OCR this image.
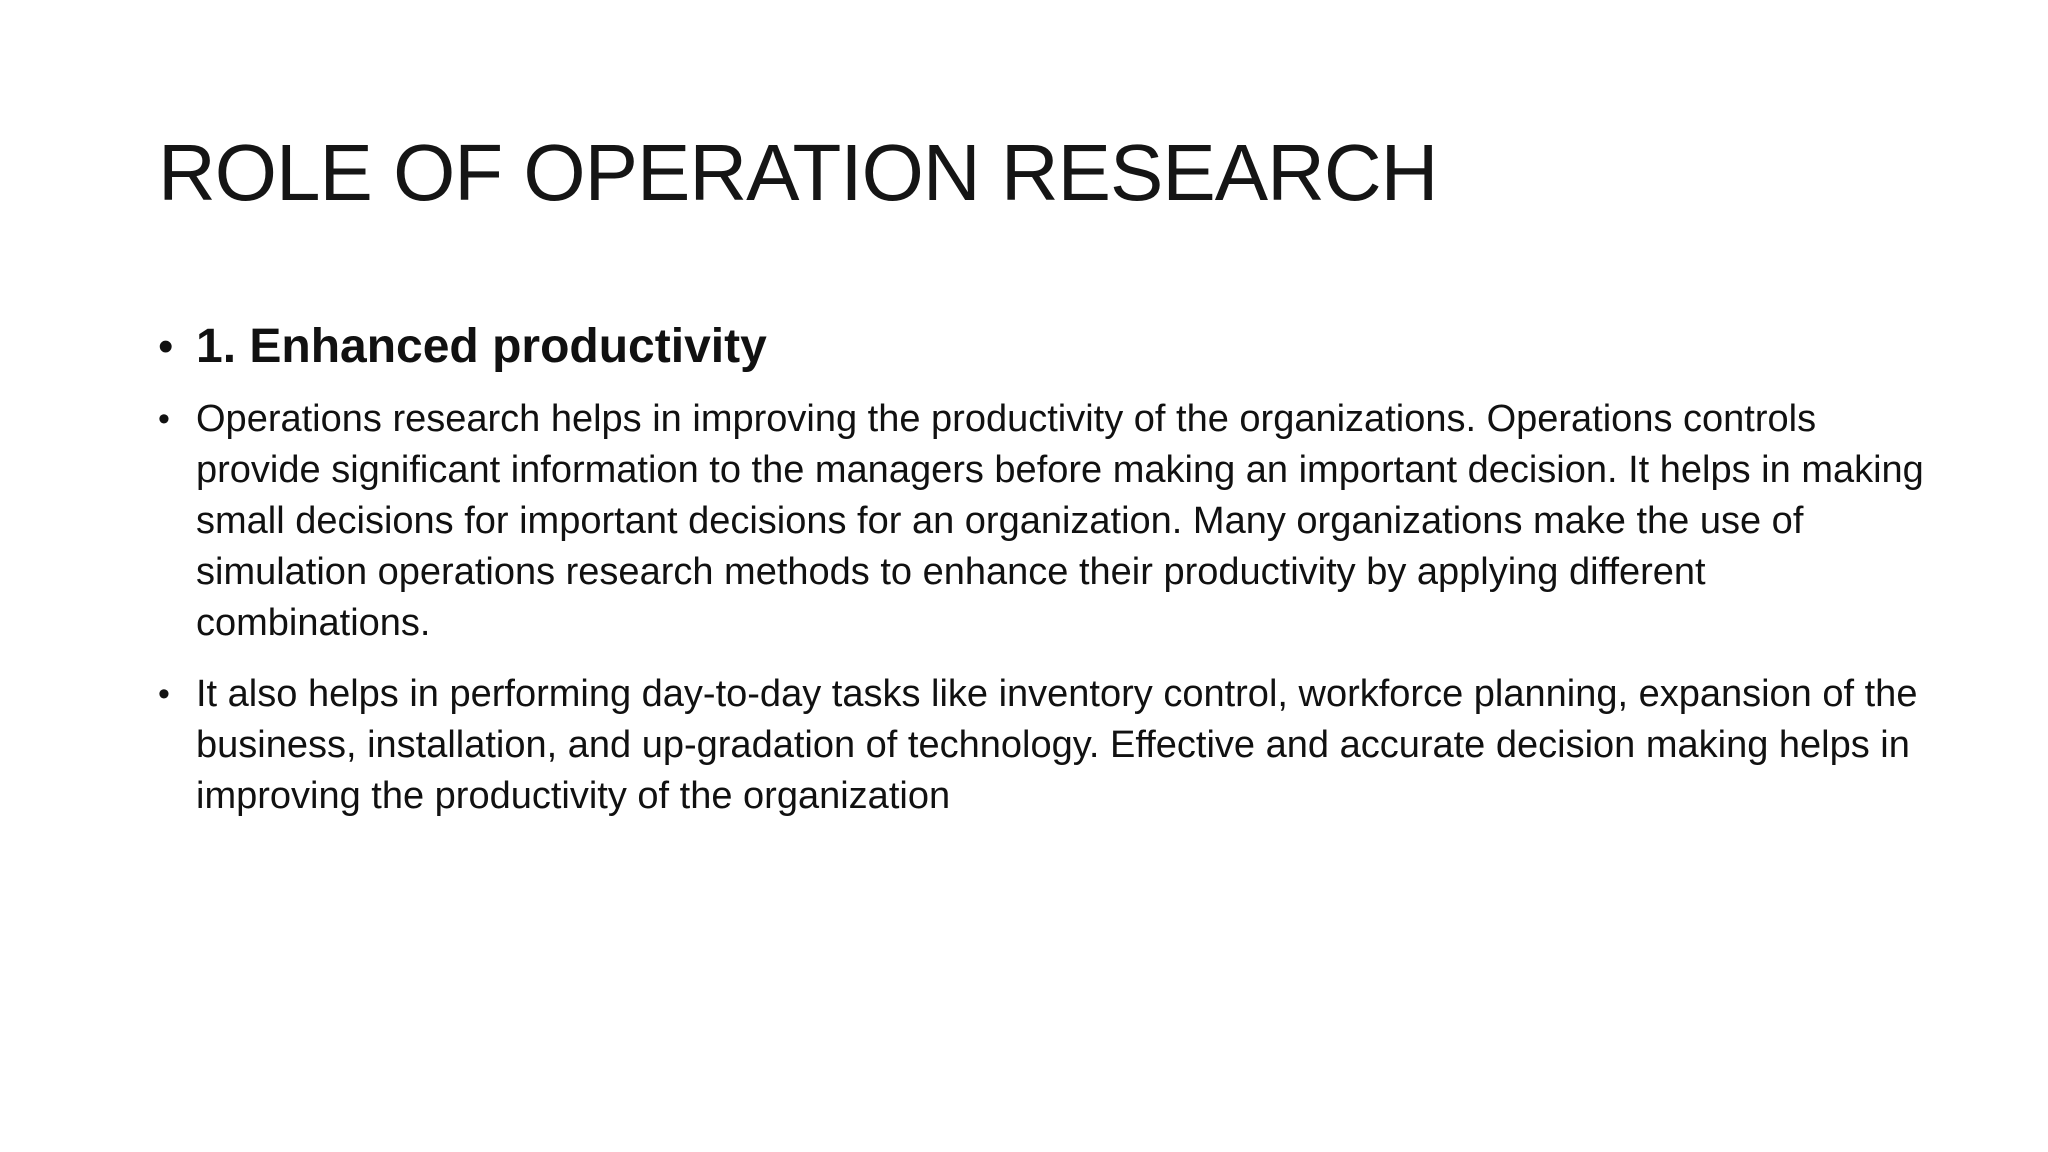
ROLE OF OPERATION RESEARCH
• 1. Enhanced productivity
• Operations research helps in improving the productivity of the organizations. Operations controls provide significant information to the managers before making an important decision. It helps in making small decisions for important decisions for an organization. Many organizations make the use of simulation operations research methods to enhance their productivity by applying different combinations.
• It also helps in performing day-to-day tasks like inventory control, workforce planning, expansion of the business, installation, and up-gradation of technology. Effective and accurate decision making helps in improving the productivity of the organization
